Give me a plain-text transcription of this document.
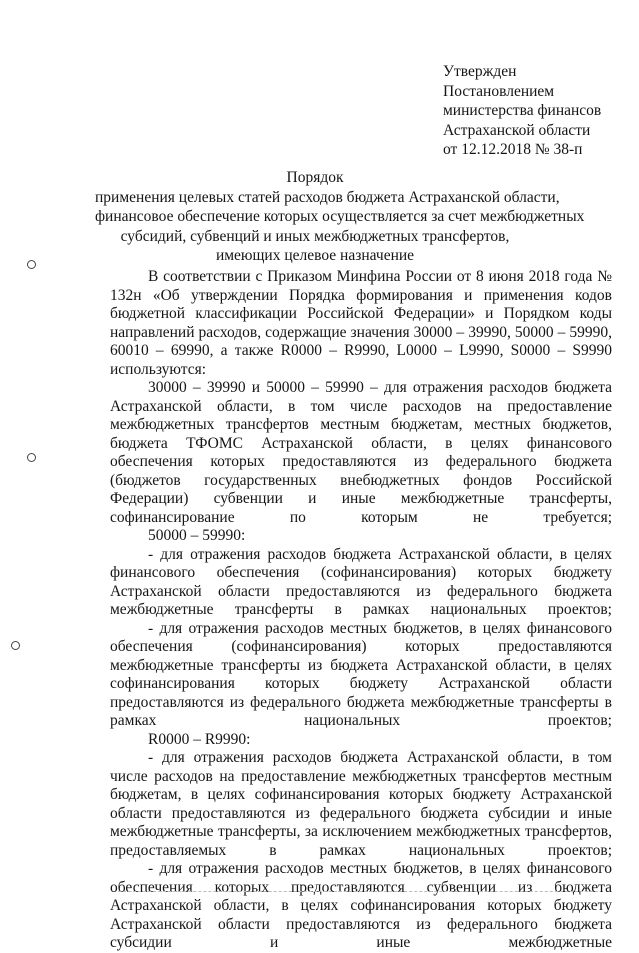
Утвержден
Постановлением
министерства финансов
Астраханской области
от 12.12.2018 № 38-п
Порядок
применения целевых статей расходов бюджета Астраханской области,
финансовое обеспечение которых осуществляется за счет межбюджетных
субсидий, субвенций и иных межбюджетных трансфертов,
имеющих целевое назначение

В соответствии с Приказом Минфина России от 8 июня 2018 года № 132н «Об утверждении Порядка формирования и применения кодов бюджетной классификации Российской Федерации» и Порядком коды направлений расходов, содержащие значения 30000 – 39990, 50000 – 59990, 60010 – 69990, а также R0000 – R9990, L0000 – L9990, S0000 – S9990 используются:

30000 – 39990 и 50000 – 59990 – для отражения расходов бюджета Астраханской области, в том числе расходов на предоставление межбюджетных трансфертов местным бюджетам, местных бюджетов, бюджета ТФОМС Астраханской области, в целях финансового обеспечения которых предоставляются из федерального бюджета (бюджетов государственных внебюджетных фондов Российской Федерации) субвенции и иные межбюджетные трансферты, софинансирование по которым не требуется;

50000 – 59990:

- для отражения расходов бюджета Астраханской области, в целях финансового обеспечения (софинансирования) которых бюджету Астраханской области предоставляются из федерального бюджета межбюджетные трансферты в рамках национальных проектов;

- для отражения расходов местных бюджетов, в целях финансового обеспечения (софинансирования) которых предоставляются межбюджетные трансферты из бюджета Астраханской области, в целях софинансирования которых бюджету Астраханской области предоставляются из федерального бюджета межбюджетные трансферты в рамках национальных проектов;

R0000 – R9990:

- для отражения расходов бюджета Астраханской области, в том числе расходов на предоставление межбюджетных трансфертов местным бюджетам, в целях софинансирования которых бюджету Астраханской области предоставляются из федерального бюджета субсидии и иные межбюджетные трансферты, за исключением межбюджетных трансфертов, предоставляемых в рамках национальных проектов;

- для отражения расходов местных бюджетов, в целях финансового обеспечения которых предоставляются субвенции из бюджета Астраханской области, в целях софинансирования которых бюджету Астраханской области предоставляются из федерального бюджета субсидии и иные межбюджетные
